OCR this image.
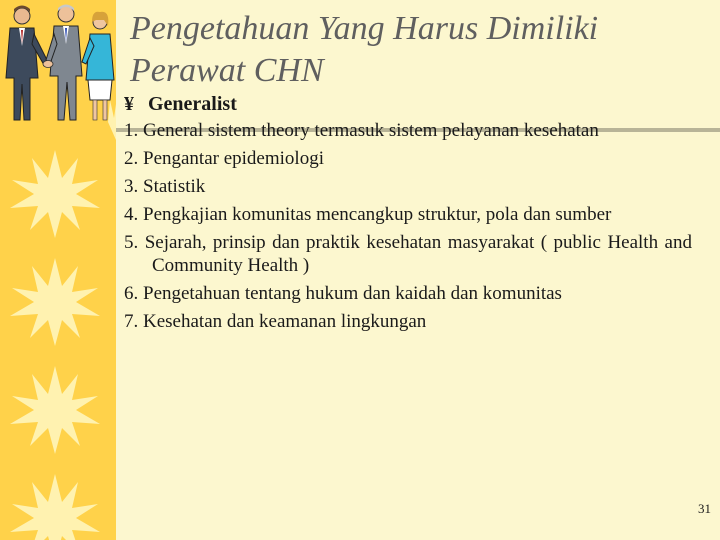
Pengetahuan Yang Harus Dimiliki Perawat CHN
¥ Generalist
1. General sistem theory termasuk sistem pelayanan kesehatan
2. Pengantar epidemiologi
3. Statistik
4. Pengkajian komunitas mencangkup struktur, pola dan sumber
5. Sejarah, prinsip dan praktik kesehatan masyarakat ( public Health and Community Health )
6. Pengetahuan tentang hukum dan kaidah dan komunitas
7. Kesehatan dan keamanan lingkungan
31
